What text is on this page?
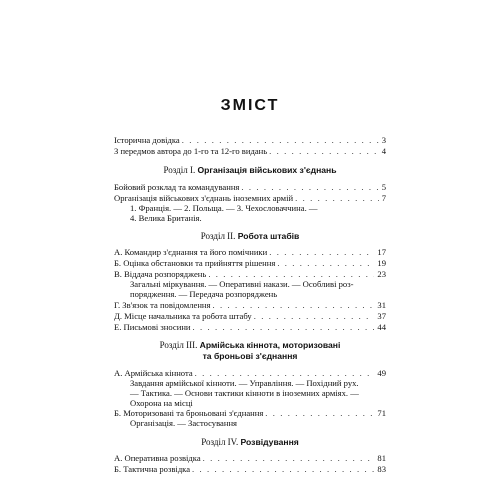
ЗМІСТ
Історична довідка . . .	3
З передмов автора до 1-го та 12-го видань . . .	4
Розділ І. Організація військових з'єднань
Бойовий розклад та командування . . .	5
Організація військових з'єднань іноземних армій . . .	7
1. Франція. — 2. Польща. — 3. Чехословаччина. —
4. Велика Британія.
Розділ II. Робота штабів
А. Командир з'єднання та його помічники . . .	17
Б. Оцінка обстановки та прийняття рішення . . .	19
В. Віддача розпоряджень . . .	23
Загальні міркування. — Оперативні накази. — Особливі роз-
порядження. — Передача розпоряджень
Г. Зв'язок та повідомлення . . .	31
Д. Місце начальника та робота штабу . . .	37
Е. Письмові зносини . . .	44
Розділ III. Армійська кіннота, моторизовані
та броньові з'єднання
А. Армійська кіннота . . .	49
Завдання армійської кінноти. — Управління. — Похідний рух.
— Тактика. — Основи тактики кінноти в іноземних арміях. —
Охорона на місці
Б. Моторизовані та броньовані з'єднання . . .	71
Організація. — Застосування
Розділ IV. Розвідування
А. Оперативна розвідка . . .	81
Б. Тактична розвідка . . .	83
